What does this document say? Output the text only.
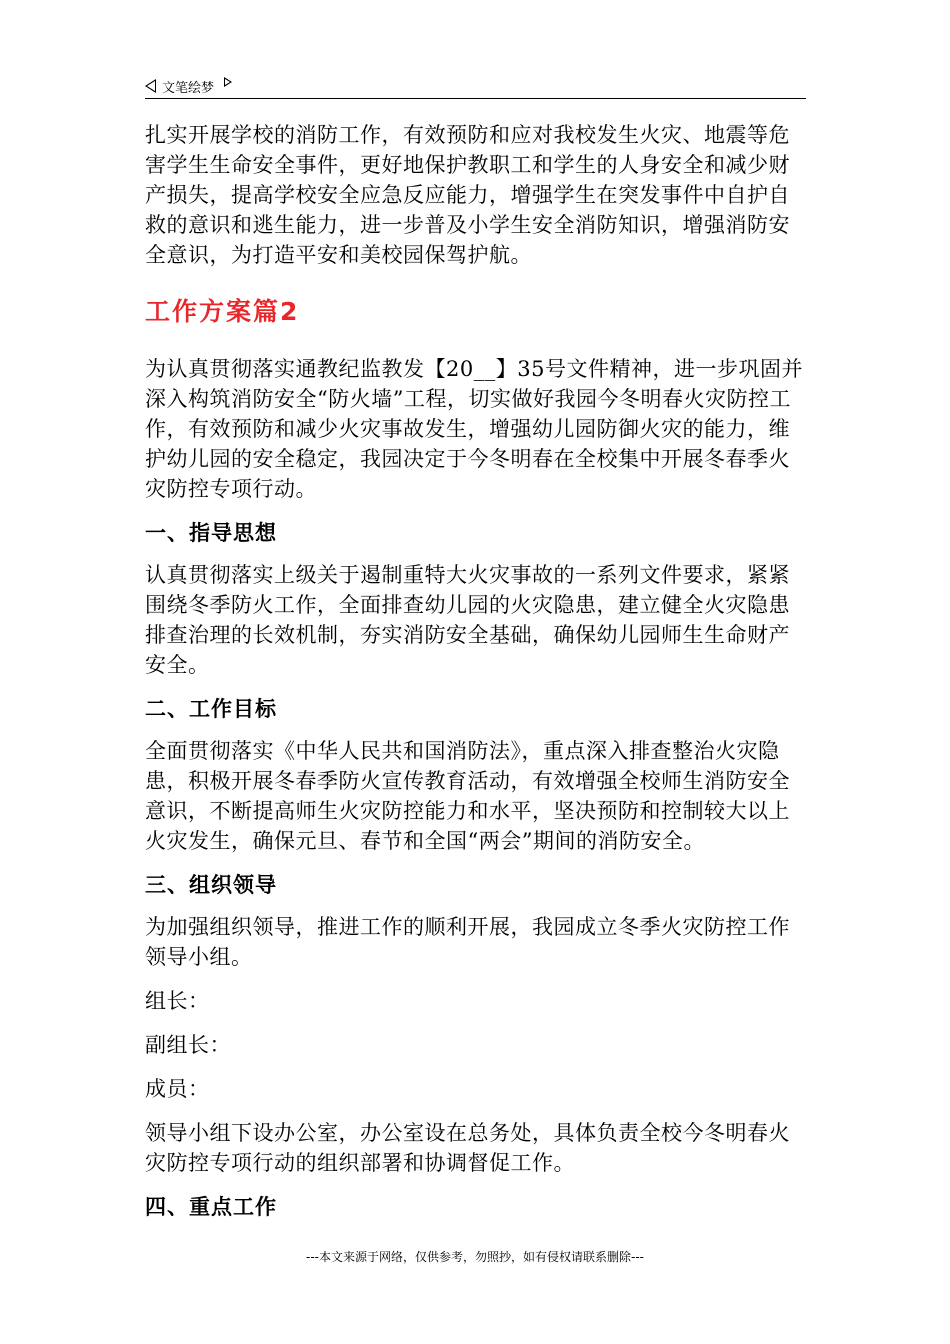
文笔绘梦

扎实开展学校的消防工作，有效预防和应对我校发生火灾、地震等危害学生生命安全事件，更好地保护教职工和学生的人身安全和减少财产损失，提高学校安全应急反应能力，增强学生在突发事件中自护自救的意识和逃生能力，进一步普及小学生安全消防知识，增强消防安全意识，为打造平安和美校园保驾护航。

工作方案篇2

为认真贯彻落实通教纪监教发【20__】35号文件精神，进一步巩固并深入构筑消防安全“防火墙”工程，切实做好我园今冬明春火灾防控工作，有效预防和减少火灾事故发生，增强幼儿园防御火灾的能力，维护幼儿园的安全稳定，我园决定于今冬明春在全校集中开展冬春季火灾防控专项行动。

一、指导思想

认真贯彻落实上级关于遏制重特大火灾事故的一系列文件要求，紧紧围绕冬季防火工作，全面排查幼儿园的火灾隐患，建立健全火灾隐患排查治理的长效机制，夯实消防安全基础，确保幼儿园师生生命财产安全。

二、工作目标

全面贯彻落实《中华人民共和国消防法》，重点深入排查整治火灾隐患，积极开展冬春季防火宣传教育活动，有效增强全校师生消防安全意识，不断提高师生火灾防控能力和水平，坚决预防和控制较大以上火灾发生，确保元旦、春节和全国“两会”期间的消防安全。

三、组织领导

为加强组织领导，推进工作的顺利开展，我园成立冬季火灾防控工作领导小组。

组长：

副组长：

成员：

领导小组下设办公室，办公室设在总务处，具体负责全校今冬明春火灾防控专项行动的组织部署和协调督促工作。

四、重点工作
---本文来源于网络，仅供参考，勿照抄，如有侵权请联系删除---
